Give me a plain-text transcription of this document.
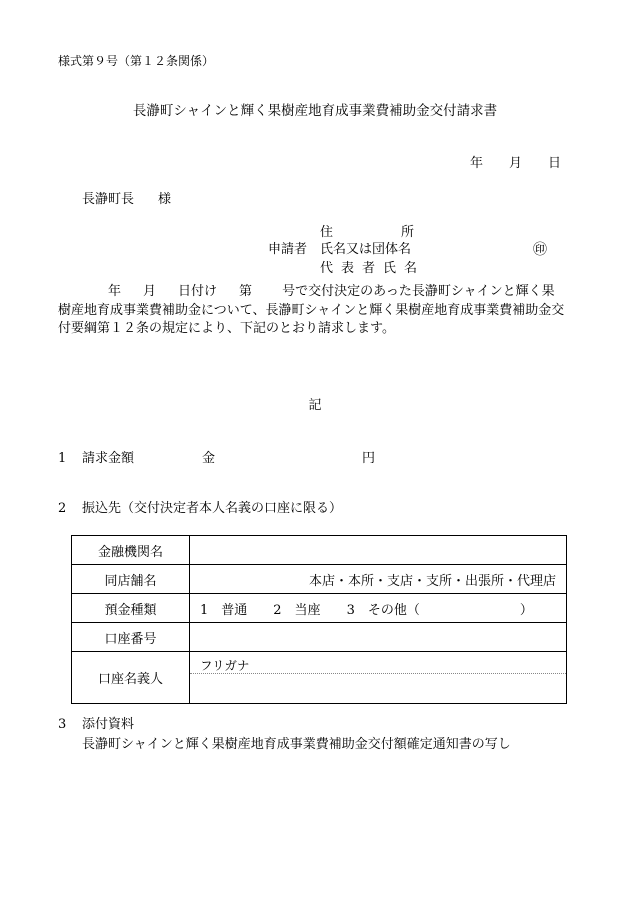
様式第９号（第１２条関係）
長瀞町シャインと輝く果樹産地育成事業費補助金交付請求書
年 月 日
長瀞町長 様
住所
申請者 氏名又は団体名
代表者氏名
㊞
年 月 日付け 第 号で交付決定のあった長瀞町シャインと輝く果
樹産地育成事業費補助金について、長瀞町シャインと輝く果樹産地育成事業費補助金交
付要綱第１２条の規定により、下記のとおり請求します。
記
1 請求金額	金	円
2 振込先（交付決定者本人名義の口座に限る）
金融機関名	
同店舗名	本店・本所・支店・支所・出張所・代理店
預金種類	1　普通 2　当座 3　その他（ ）
口座番号	
口座名義人	フリガナ
3 添付資料
長瀞町シャインと輝く果樹産地育成事業費補助金交付額確定通知書の写し
